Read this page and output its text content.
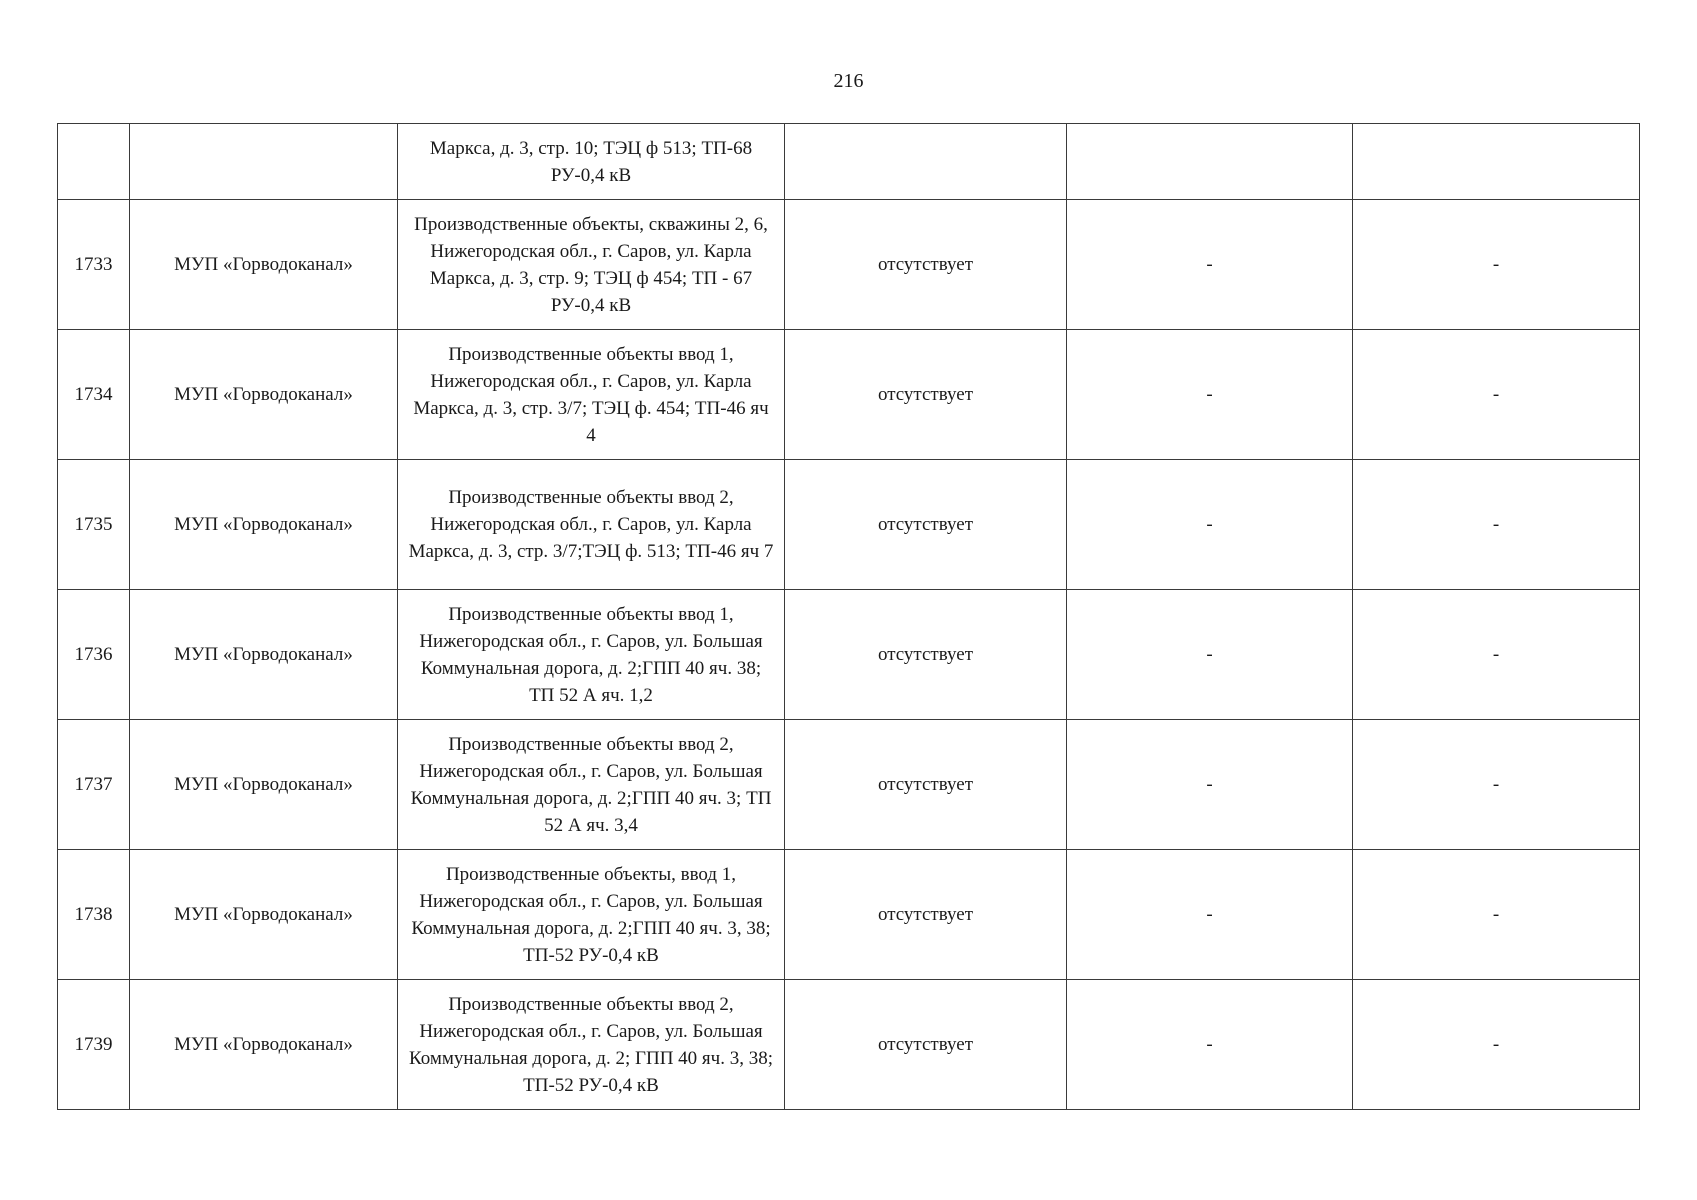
216
		Маркса, д. 3, стр. 10; ТЭЦ ф 513; ТП-68 РУ-0,4 кВ			
1733	МУП «Горводоканал»	Производственные объекты, скважины 2, 6, Нижегородская обл., г. Саров, ул. Карла Маркса, д. 3, стр. 9; ТЭЦ ф 454; ТП - 67 РУ-0,4 кВ	отсутствует	-	-
1734	МУП «Горводоканал»	Производственные объекты ввод 1, Нижегородская обл., г. Саров, ул. Карла Маркса, д. 3, стр. 3/7; ТЭЦ ф. 454; ТП-46 яч 4	отсутствует	-	-
1735	МУП «Горводоканал»	Производственные объекты ввод 2, Нижегородская обл., г. Саров, ул. Карла Маркса, д. 3, стр. 3/7;ТЭЦ ф. 513; ТП-46 яч 7	отсутствует	-	-
1736	МУП «Горводоканал»	Производственные объекты ввод 1, Нижегородская обл., г. Саров, ул. Большая Коммунальная дорога, д. 2;ГПП 40 яч. 38; ТП 52 А яч. 1,2	отсутствует	-	-
1737	МУП «Горводоканал»	Производственные объекты ввод 2, Нижегородская обл., г. Саров, ул. Большая Коммунальная дорога, д. 2;ГПП 40 яч. 3; ТП 52 А яч. 3,4	отсутствует	-	-
1738	МУП «Горводоканал»	Производственные объекты, ввод 1, Нижегородская обл., г. Саров, ул. Большая Коммунальная дорога, д. 2;ГПП 40 яч. 3, 38; ТП-52 РУ-0,4 кВ	отсутствует	-	-
1739	МУП «Горводоканал»	Производственные объекты ввод 2, Нижегородская обл., г. Саров, ул. Большая Коммунальная дорога, д. 2; ГПП 40 яч. 3, 38; ТП-52 РУ-0,4 кВ	отсутствует	-	-
